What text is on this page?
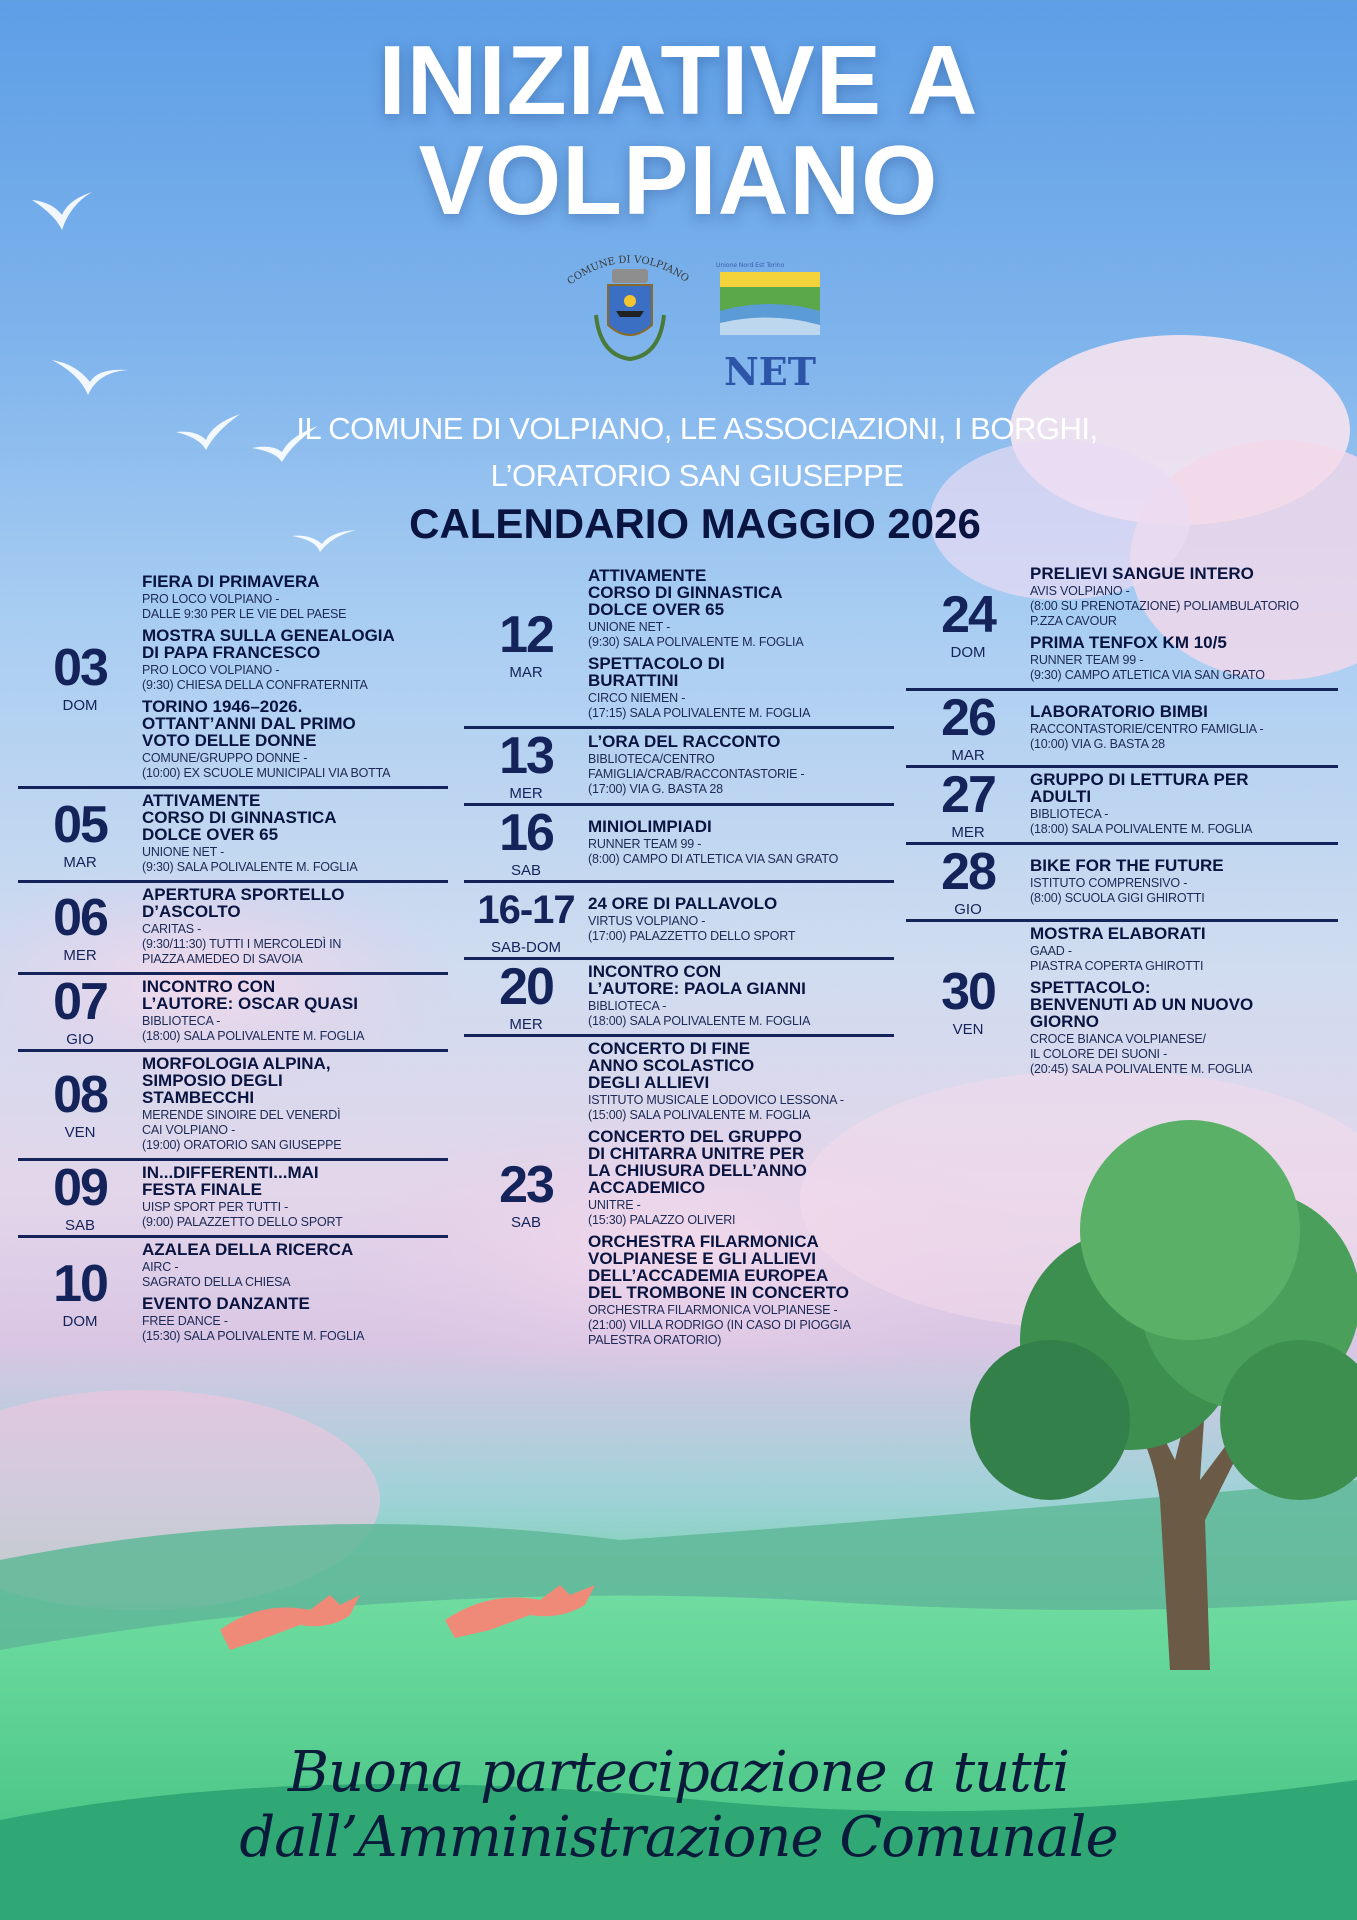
INIZIATIVE A
VOLPIANO
COMUNE DI VOLPIANO
Unione Nord Est Torino
NET
IL COMUNE DI VOLPIANO, LE ASSOCIAZIONI, I BORGHI,
L’ORATORIO SAN GIUSEPPE
CALENDARIO MAGGIO 2026
03
DOM
FIERA DI PRIMAVERA
PRO LOCO VOLPIANO -
DALLE 9:30 PER LE VIE DEL PAESE
MOSTRA SULLA GENEALOGIA
DI PAPA FRANCESCO
PRO LOCO VOLPIANO -
(9:30) CHIESA DELLA CONFRATERNITA
TORINO 1946–2026.
OTTANT’ANNI DAL PRIMO
VOTO DELLE DONNE
COMUNE/GRUPPO DONNE -
(10:00) EX SCUOLE MUNICIPALI VIA BOTTA
05
MAR
ATTIVAMENTE
CORSO DI GINNASTICA
DOLCE OVER 65
UNIONE NET -
(9:30) SALA POLIVALENTE M. FOGLIA
06
MER
APERTURA SPORTELLO
D’ASCOLTO
CARITAS -
(9:30/11:30) TUTTI I MERCOLEDÌ IN
PIAZZA AMEDEO DI SAVOIA
07
GIO
INCONTRO CON
L’AUTORE: OSCAR QUASI
BIBLIOTECA -
(18:00) SALA POLIVALENTE M. FOGLIA
08
VEN
MORFOLOGIA ALPINA,
SIMPOSIO DEGLI
STAMBECCHI
MERENDE SINOIRE DEL VENERDÌ
CAI VOLPIANO -
(19:00) ORATORIO SAN GIUSEPPE
09
SAB
IN...DIFFERENTI...MAI
FESTA FINALE
UISP SPORT PER TUTTI -
(9:00) PALAZZETTO DELLO SPORT
10
DOM
AZALEA DELLA RICERCA
AIRC -
SAGRATO DELLA CHIESA
EVENTO DANZANTE
FREE DANCE -
(15:30) SALA POLIVALENTE M. FOGLIA
12
MAR
ATTIVAMENTE
CORSO DI GINNASTICA
DOLCE OVER 65
UNIONE NET -
(9:30) SALA POLIVALENTE M. FOGLIA
SPETTACOLO DI
BURATTINI
CIRCO NIEMEN -
(17:15) SALA POLIVALENTE M. FOGLIA
13
MER
L’ORA DEL RACCONTO
BIBLIOTECA/CENTRO
FAMIGLIA/CRAB/RACCONTASTORIE -
(17:00) VIA G. BASTA 28
16
SAB
MINIOLIMPIADI
RUNNER TEAM 99 -
(8:00) CAMPO DI ATLETICA VIA SAN GRATO
16-17
SAB-DOM
24 ORE DI PALLAVOLO
VIRTUS VOLPIANO -
(17:00) PALAZZETTO DELLO SPORT
20
MER
INCONTRO CON
L’AUTORE: PAOLA GIANNI
BIBLIOTECA -
(18:00) SALA POLIVALENTE M. FOGLIA
23
SAB
CONCERTO DI FINE
ANNO SCOLASTICO
DEGLI ALLIEVI
ISTITUTO MUSICALE LODOVICO LESSONA -
(15:00) SALA POLIVALENTE M. FOGLIA
CONCERTO DEL GRUPPO
DI CHITARRA UNITRE PER
LA CHIUSURA DELL’ANNO
ACCADEMICO
UNITRE -
(15:30) PALAZZO OLIVERI
ORCHESTRA FILARMONICA
VOLPIANESE E GLI ALLIEVI
DELL’ACCADEMIA EUROPEA
DEL TROMBONE IN CONCERTO
ORCHESTRA FILARMONICA VOLPIANESE -
(21:00) VILLA RODRIGO (IN CASO DI PIOGGIA
PALESTRA ORATORIO)
24
DOM
PRELIEVI SANGUE INTERO
AVIS VOLPIANO -
(8:00 SU PRENOTAZIONE) POLIAMBULATORIO
P.ZZA CAVOUR
PRIMA TENFOX KM 10/5
RUNNER TEAM 99 -
(9:30) CAMPO ATLETICA VIA SAN GRATO
26
MAR
LABORATORIO BIMBI
RACCONTASTORIE/CENTRO FAMIGLIA -
(10:00) VIA G. BASTA 28
27
MER
GRUPPO DI LETTURA PER
ADULTI
BIBLIOTECA -
(18:00) SALA POLIVALENTE M. FOGLIA
28
GIO
BIKE FOR THE FUTURE
ISTITUTO COMPRENSIVO -
(8:00) SCUOLA GIGI GHIROTTI
30
VEN
MOSTRA ELABORATI
GAAD -
PIASTRA COPERTA GHIROTTI
SPETTACOLO:
BENVENUTI AD UN NUOVO
GIORNO
CROCE BIANCA VOLPIANESE/
IL COLORE DEI SUONI -
(20:45) SALA POLIVALENTE M. FOGLIA
Buona partecipazione a tutti dall’Amministrazione Comunale
